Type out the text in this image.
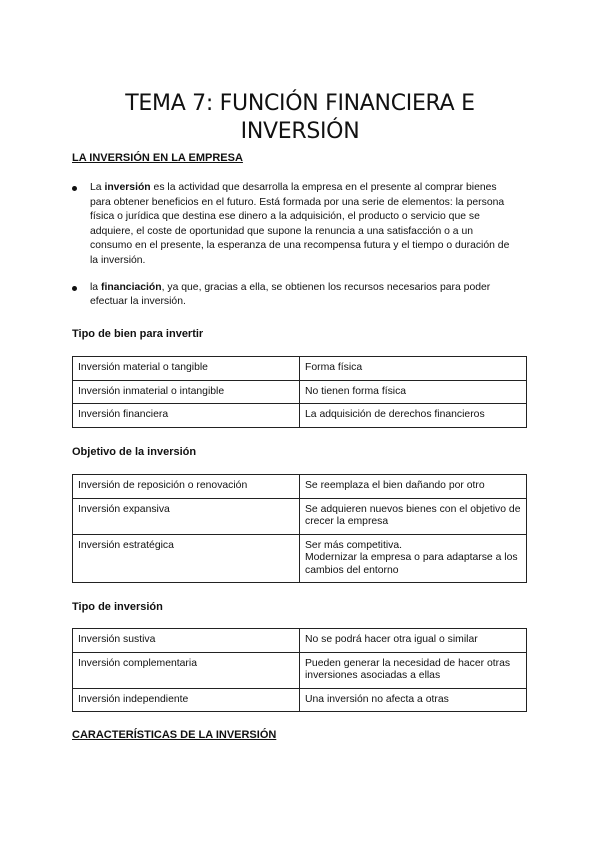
TEMA 7: FUNCIÓN FINANCIERA E
INVERSIÓN
LA INVERSIÓN EN LA EMPRESA
La inversión es la actividad que desarrolla la empresa en el presente al comprar bienes para obtener beneficios en el futuro. Está formada por una serie de elementos: la persona física o jurídica que destina ese dinero a la adquisición, el producto o servicio que se adquiere, el coste de oportunidad que supone la renuncia a una satisfacción o a un consumo en el presente, la esperanza de una recompensa futura y el tiempo o duración de la inversión.
la financiación, ya que, gracias a ella, se obtienen los recursos necesarios para poder efectuar la inversión.
Tipo de bien para invertir
Inversión material o tangible	Forma física
Inversión inmaterial o intangible	No tienen forma física
Inversión financiera	La adquisición de derechos financieros
Objetivo de la inversión
Inversión de reposición o renovación	Se reemplaza el bien dañando por otro
Inversión expansiva	Se adquieren nuevos bienes con el objetivo de crecer la empresa
Inversión estratégica	Ser más competitiva.
Modernizar la empresa o para adaptarse a los cambios del entorno
Tipo de inversión
Inversión sustiva	No se podrá hacer otra igual o similar
Inversión complementaria	Pueden generar la necesidad de hacer otras inversiones asociadas a ellas
Inversión independiente	Una inversión no afecta a otras
CARACTERÍSTICAS DE LA INVERSIÓN
